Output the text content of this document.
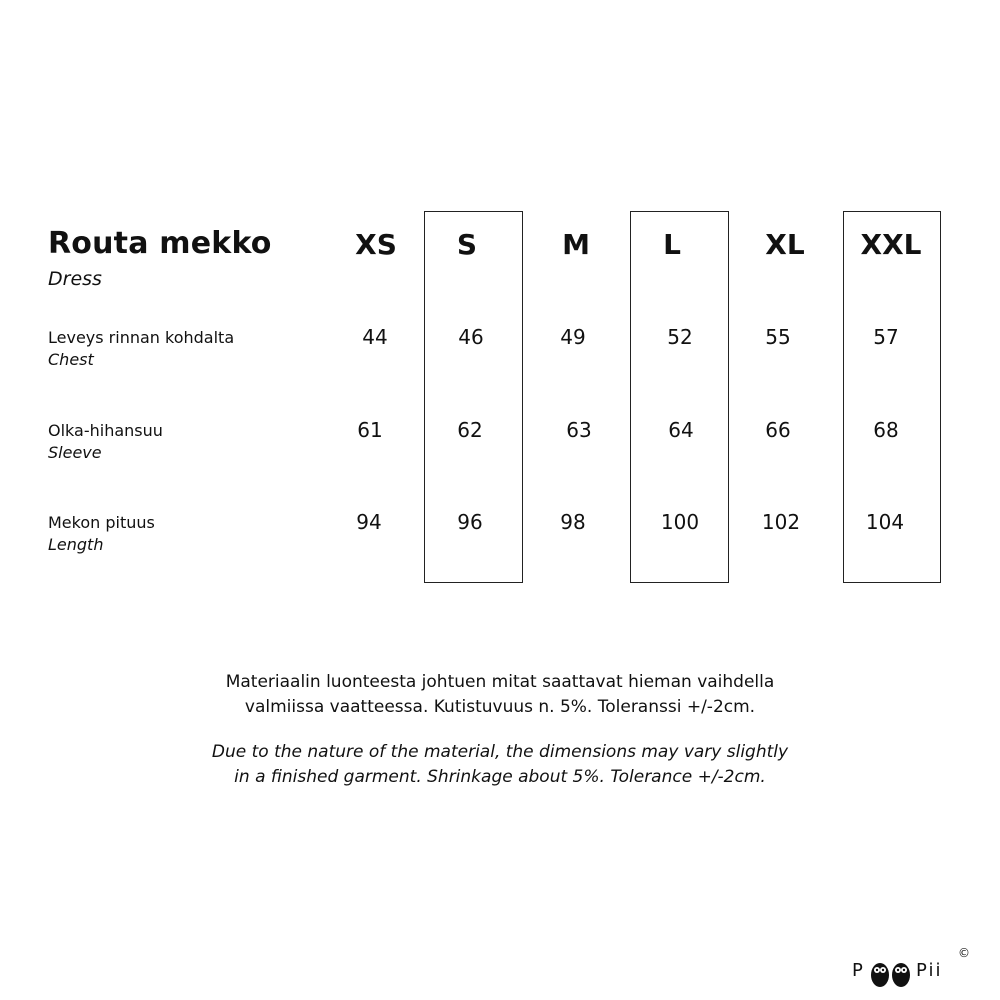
Routa mekko
Dress
XS	S	M	L	XL	XXL
Leveys rinnan kohdalta
Chest
44	46	49	52	55	57
Olka-hihansuu
Sleeve
61	62	63	64	66	68
Mekon pituus
Length
94	96	98	100	102	104
Materiaalin luonteesta johtuen mitat saattavat hieman vaihdella
valmiissa vaatteessa. Kutistuvuus n. 5%. Toleranssi +/-2cm.
Due to the nature of the material, the dimensions may vary slightly
in a finished garment. Shrinkage about 5%. Tolerance +/-2cm.
P	Pii
©
